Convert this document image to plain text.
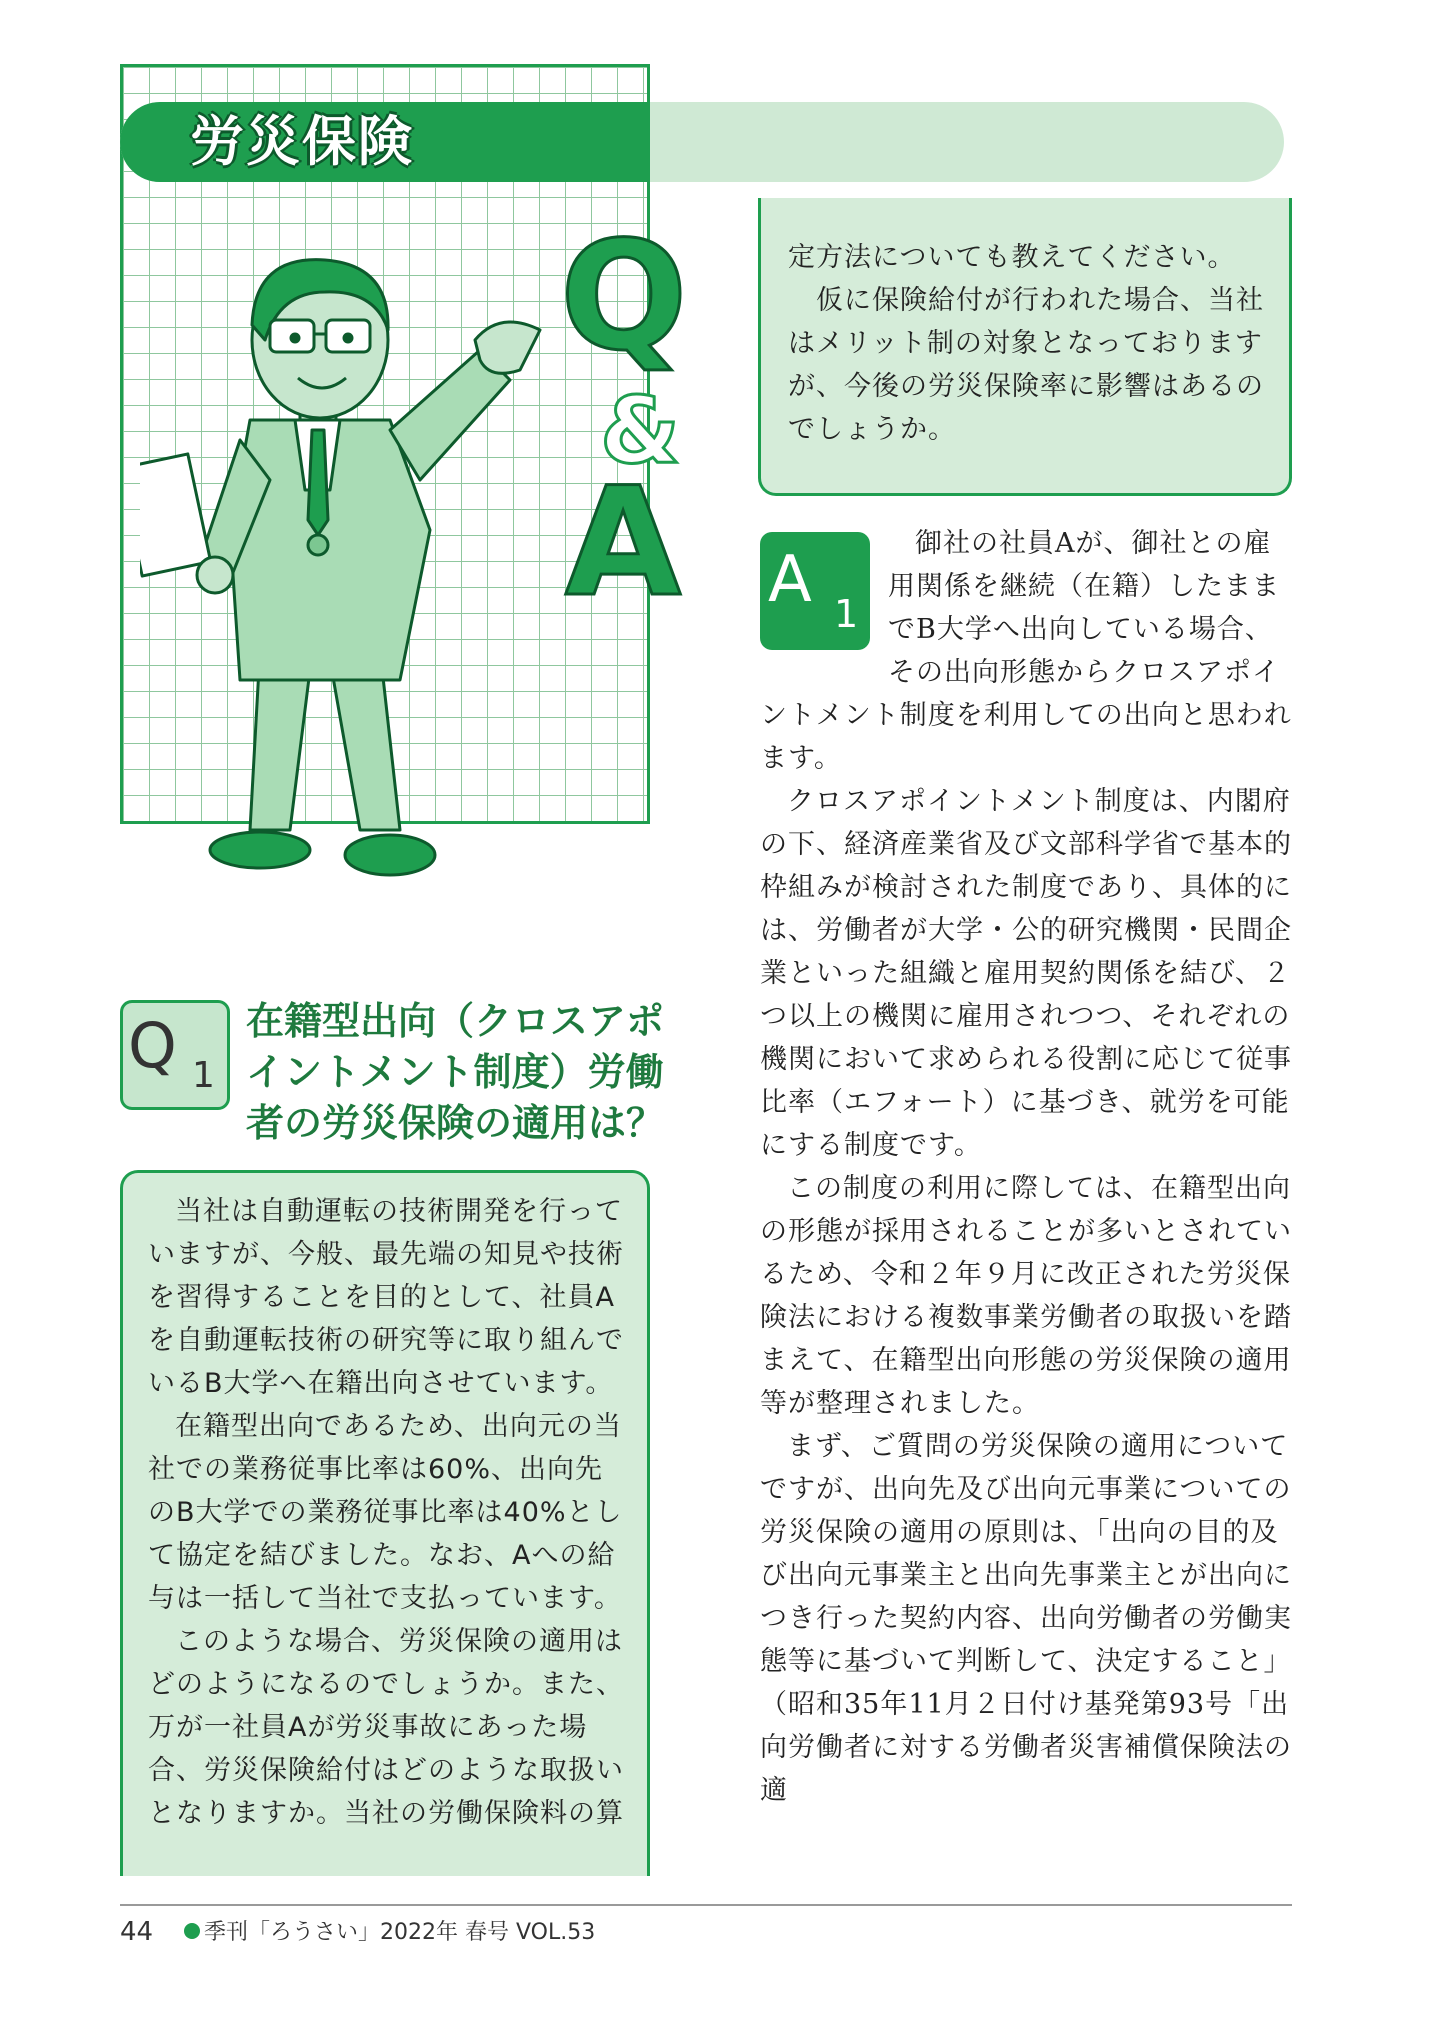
労災保険
Q
&
A
定方法についても教えてください。
　仮に保険給付が行われた場合、当社
はメリット制の対象となっております
が、今後の労災保険率に影響はあるの
でしょうか。
Q 1
在籍型出向（クロスアポイントメント制度）労働者の労災保険の適用は？

当社は自動運転の技術開発を行っていますが、今般、最先端の知見や技術を習得することを目的として、社員Aを自動運転技術の研究等に取り組んでいるB大学へ在籍出向させています。

在籍型出向であるため、出向元の当社での業務従事比率は60%、出向先のB大学での業務従事比率は40%として協定を結びました。なお、Aへの給与は一括して当社で支払っています。

このような場合、労災保険の適用はどのようになるのでしょうか。また、万が一社員Aが労災事故にあった場合、労災保険給付はどのような取扱いとなりますか。当社の労働保険料の算

A 1

御社の社員Aが、御社との雇用関係を継続（在籍）したままでB大学へ出向している場合、その出向形態からクロスアポイントメント制度を利用しての出向と思われます。

クロスアポイントメント制度は、内閣府の下、経済産業省及び文部科学省で基本的枠組みが検討された制度であり、具体的には、労働者が大学・公的研究機関・民間企業といった組織と雇用契約関係を結び、２つ以上の機関に雇用されつつ、それぞれの機関において求められる役割に応じて従事比率（エフォート）に基づき、就労を可能にする制度です。

この制度の利用に際しては、在籍型出向の形態が採用されることが多いとされているため、令和２年９月に改正された労災保険法における複数事業労働者の取扱いを踏まえて、在籍型出向形態の労災保険の適用等が整理されました。

まず、ご質問の労災保険の適用についてですが、出向先及び出向元事業についての労災保険の適用の原則は、「出向の目的及び出向元事業主と出向先事業主とが出向につき行った契約内容、出向労働者の労働実態等に基づいて判断して、決定すること」（昭和35年11月２日付け基発第93号「出向労働者に対する労働者災害補償保険法の適

44 季刊「ろうさい」2022年 春号 VOL.53
